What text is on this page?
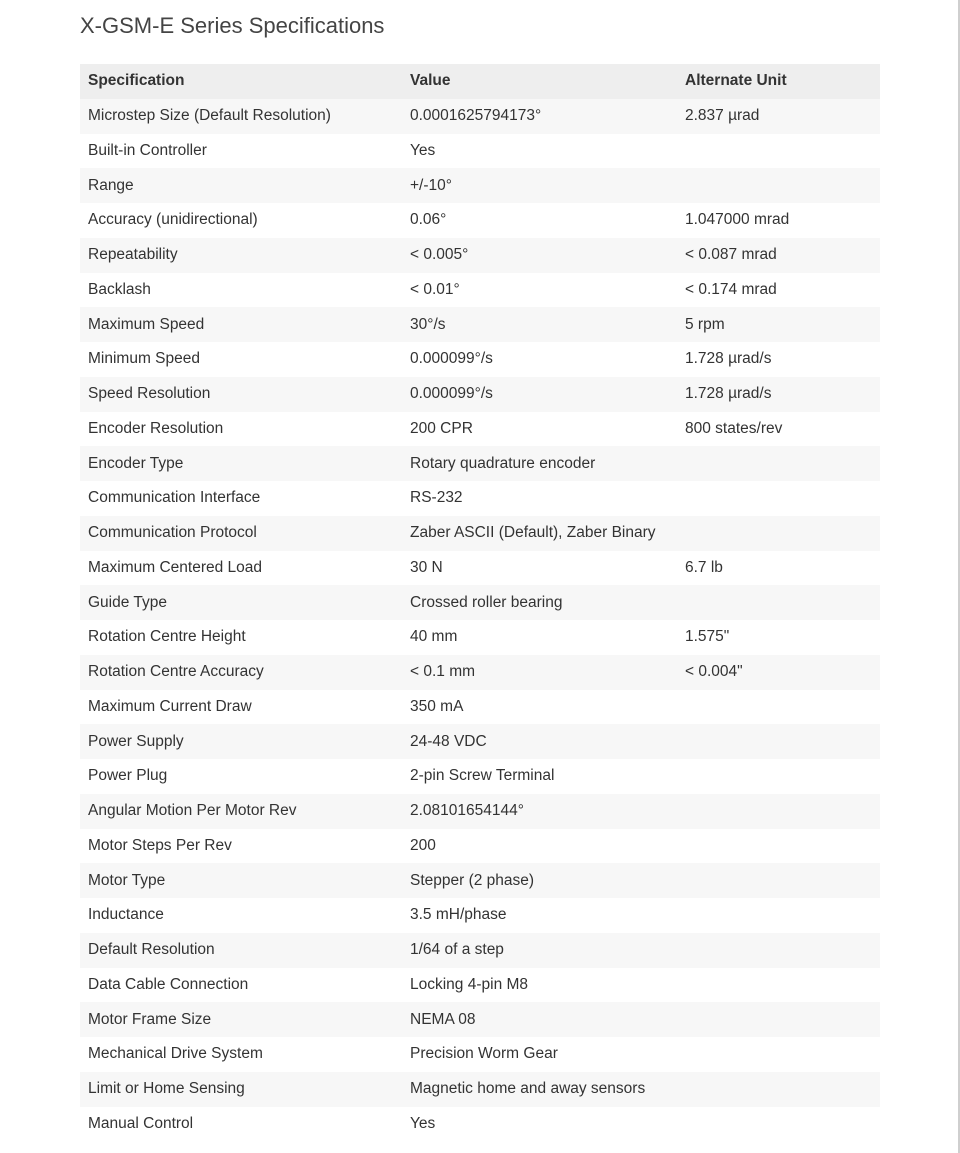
X-GSM-E Series Specifications
Specification	Value	Alternate Unit
Microstep Size (Default Resolution)	0.0001625794173°	2.837 µrad
Built-in Controller	Yes	
Range	+/-10°	
Accuracy (unidirectional)	0.06°	1.047000 mrad
Repeatability	< 0.005°	< 0.087 mrad
Backlash	< 0.01°	< 0.174 mrad
Maximum Speed	30°/s	5 rpm
Minimum Speed	0.000099°/s	1.728 µrad/s
Speed Resolution	0.000099°/s	1.728 µrad/s
Encoder Resolution	200 CPR	800 states/rev
Encoder Type	Rotary quadrature encoder	
Communication Interface	RS-232	
Communication Protocol	Zaber ASCII (Default), Zaber Binary	
Maximum Centered Load	30 N	6.7 lb
Guide Type	Crossed roller bearing	
Rotation Centre Height	40 mm	1.575"
Rotation Centre Accuracy	< 0.1 mm	< 0.004"
Maximum Current Draw	350 mA	
Power Supply	24-48 VDC	
Power Plug	2-pin Screw Terminal	
Angular Motion Per Motor Rev	2.08101654144°	
Motor Steps Per Rev	200	
Motor Type	Stepper (2 phase)	
Inductance	3.5 mH/phase	
Default Resolution	1/64 of a step	
Data Cable Connection	Locking 4-pin M8	
Motor Frame Size	NEMA 08	
Mechanical Drive System	Precision Worm Gear	
Limit or Home Sensing	Magnetic home and away sensors	
Manual Control	Yes	
